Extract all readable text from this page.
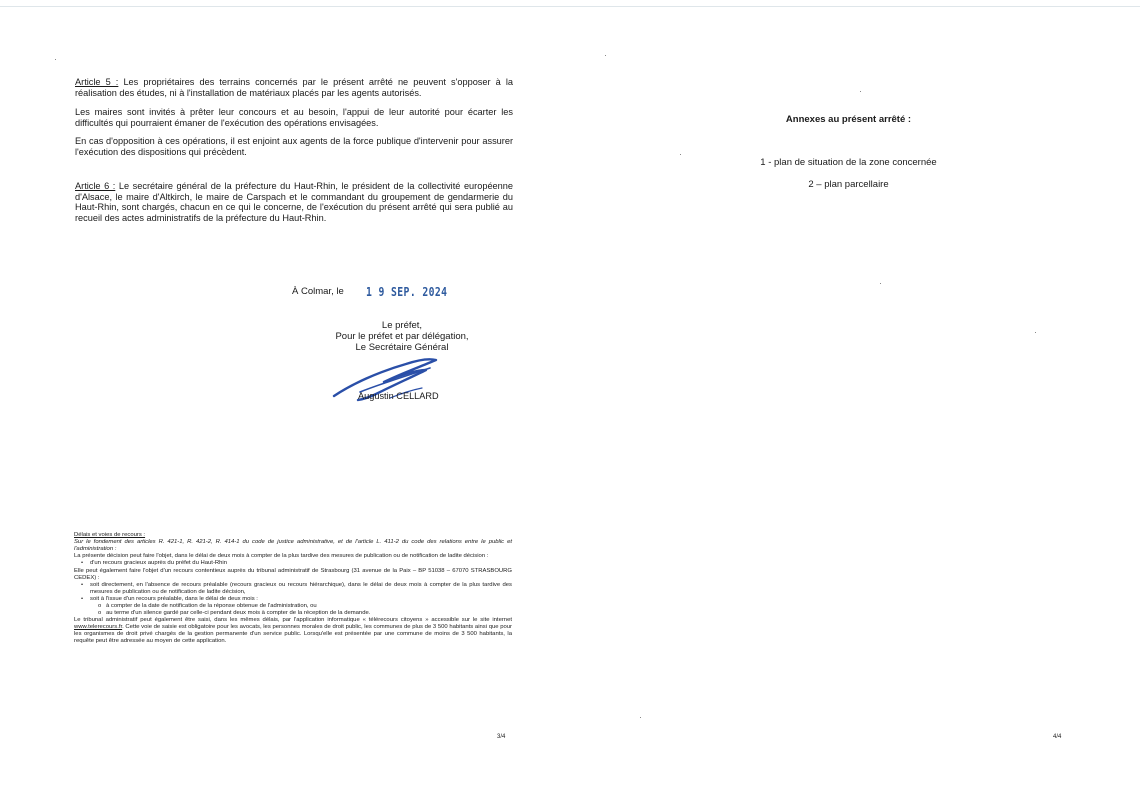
Article 5 : Les propriétaires des terrains concernés par le présent arrêté ne peuvent s'opposer à la réalisation des études, ni à l'installation de matériaux placés par les agents autorisés.

Les maires sont invités à prêter leur concours et au besoin, l'appui de leur autorité pour écarter les difficultés qui pourraient émaner de l'exécution des opérations envisagées.

En cas d'opposition à ces opérations, il est enjoint aux agents de la force publique d'intervenir pour assurer l'exécution des dispositions qui précèdent.

Article 6 : Le secrétaire général de la préfecture du Haut-Rhin, le président de la collectivité européenne d'Alsace, le maire d'Altkirch, le maire de Carspach et le commandant du groupement de gendarmerie du Haut-Rhin, sont chargés, chacun en ce qui le concerne, de l'exécution du présent arrêté qui sera publié au recueil des actes administratifs de la préfecture du Haut-Rhin.

À Colmar, le 1 9 SEP. 2024
Le préfet,
Pour le préfet et par délégation,
Le Secrétaire Général
Augustin CELLARD

Délais et voies de recours :

Sur le fondement des articles R. 421-1, R. 421-2, R. 414-1 du code de justice administrative, et de l'article L. 411-2 du code des relations entre le public et l'administration :

La présente décision peut faire l'objet, dans le délai de deux mois à compter de la plus tardive des mesures de publication ou de notification de ladite décision :

• d'un recours gracieux auprès du préfet du Haut-Rhin

Elle peut également faire l'objet d'un recours contentieux auprès du tribunal administratif de Strasbourg (31 avenue de la Paix – BP 51038 – 67070 STRASBOURG CEDEX) :

• soit directement, en l'absence de recours préalable (recours gracieux ou recours hiérarchique), dans le délai de deux mois à compter de la plus tardive des mesures de publication ou de notification de ladite décision,

• soit à l'issue d'un recours préalable, dans le délai de deux mois :

o à compter de la date de notification de la réponse obtenue de l'administration, ou

o au terme d'un silence gardé par celle-ci pendant deux mois à compter de la réception de la demande.

Le tribunal administratif peut également être saisi, dans les mêmes délais, par l'application informatique « télérecours citoyens » accessible sur le site internet www.telerecours.fr. Cette voie de saisie est obligatoire pour les avocats, les personnes morales de droit public, les communes de plus de 3 500 habitants ainsi que pour les organismes de droit privé chargés de la gestion permanente d'un service public. Lorsqu'elle est présentée par une commune de moins de 3 500 habitants, la requête peut être adressée au moyen de cette application.

3/4
Annexes au présent arrêté :
1 - plan de situation de la zone concernée
2 – plan parcellaire
4/4
